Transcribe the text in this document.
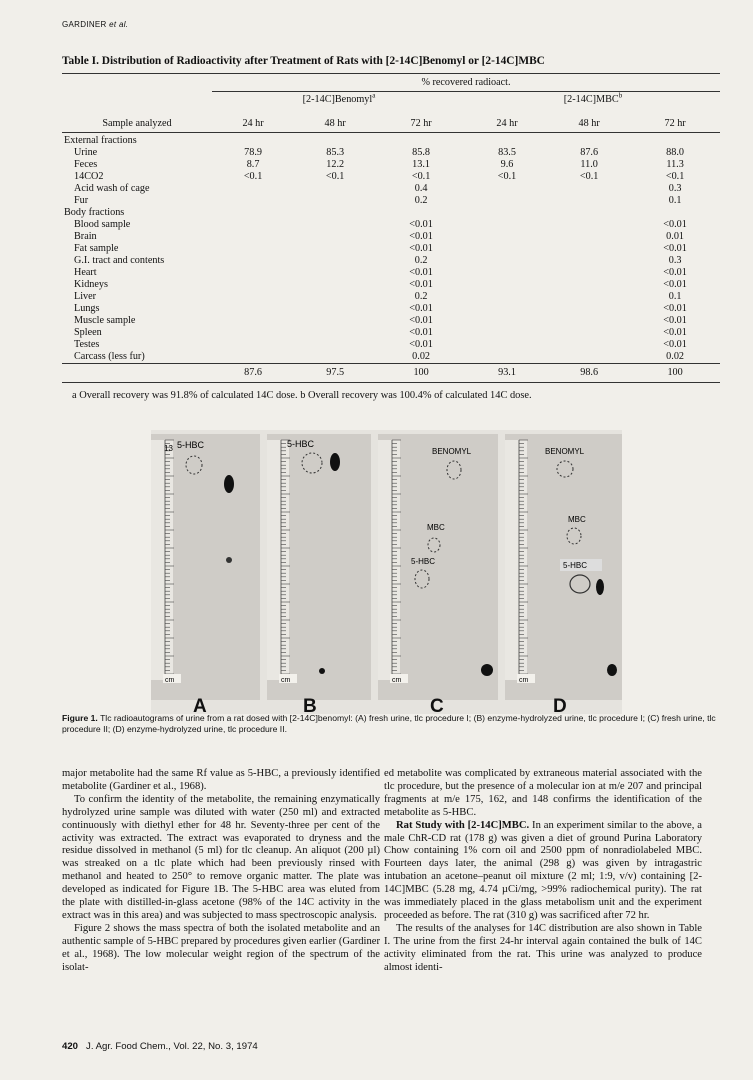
GARDINER et al.
Table I. Distribution of Radioactivity after Treatment of Rats with [2-14C]Benomyl or [2-14C]MBC
	% recovered radioact.					
	[2-14C]Benomyl$^a$			[2-14C]MBC$^b$
Sample analyzed	24 hr	48 hr	72 hr	24 hr	48 hr	72 hr
External fractions						
Urine	78.9	85.3	85.8	83.5	87.6	88.0
Feces	8.7	12.2	13.1	9.6	11.0	11.3
14CO2	<0.1	<0.1	<0.1	<0.1	<0.1	<0.1
Acid wash of cage			0.4			0.3
Fur			0.2			0.1
Body fractions						
Blood sample			<0.01			<0.01
Brain			<0.01			0.01
Fat sample			<0.01			<0.01
G.I. tract and contents			0.2			0.3
Heart			<0.01			<0.01
Kidneys			<0.01			<0.01
Liver			0.2			0.1
Lungs			<0.01			<0.01
Muscle sample			<0.01			<0.01
Spleen			<0.01			<0.01
Testes			<0.01			<0.01
Carcass (less fur)			0.02			0.02
	87.6	97.5	100	93.1	98.6	100
a Overall recovery was 91.8% of calculated 14C dose. b Overall recovery was 100.4% of calculated 14C dose.
13 5-HBC
cm
A
5-HBC
cm
B
BENOMYL
MBC
5-HBC
cm
C
BENOMYL
MBC
5-HBC
cm
D
Figure 1. Tlc radioautograms of urine from a rat dosed with [2-14C]benomyl: (A) fresh urine, tlc procedure I; (B) enzyme-hydrolyzed urine, tlc procedure I; (C) fresh urine, tlc procedure II; (D) enzyme-hydrolyzed urine, tlc procedure II.

major metabolite had the same Rf value as 5-HBC, a previously identified metabolite (Gardiner et al., 1968).

To confirm the identity of the metabolite, the remaining enzymatically hydrolyzed urine sample was diluted with water (250 ml) and extracted continuously with diethyl ether for 48 hr. Seventy-three per cent of the activity was extracted. The extract was evaporated to dryness and the residue dissolved in methanol (5 ml) for tlc cleanup. An aliquot (200 µl) was streaked on a tlc plate which had been previously rinsed with methanol and heated to 250° to remove organic matter. The plate was developed as indicated for Figure 1B. The 5-HBC area was eluted from the plate with distilled-in-glass acetone (98% of the 14C activity in the extract was in this area) and was subjected to mass spectroscopic analysis.

Figure 2 shows the mass spectra of both the isolated metabolite and an authentic sample of 5-HBC prepared by procedures given earlier (Gardiner et al., 1968). The low molecular weight region of the spectrum of the isolat-

ed metabolite was complicated by extraneous material associated with the tlc procedure, but the presence of a molecular ion at m/e 207 and principal fragments at m/e 175, 162, and 148 confirms the identification of the metabolite as 5-HBC.

Rat Study with [2-14C]MBC. In an experiment similar to the above, a male ChR-CD rat (178 g) was given a diet of ground Purina Laboratory Chow containing 1% corn oil and 2500 ppm of nonradiolabeled MBC. Fourteen days later, the animal (298 g) was given by intragastric intubation an acetone–peanut oil mixture (2 ml; 1:9, v/v) containing [2-14C]MBC (5.28 mg, 4.74 µCi/mg, >99% radiochemical purity). The rat was immediately placed in the glass metabolism unit and the experiment proceeded as before. The rat (310 g) was sacrificed after 72 hr.

The results of the analyses for 14C distribution are also shown in Table I. The urine from the first 24-hr interval again contained the bulk of 14C activity eliminated from the rat. This urine was analyzed to produce almost identi-

420 J. Agr. Food Chem., Vol. 22, No. 3, 1974
